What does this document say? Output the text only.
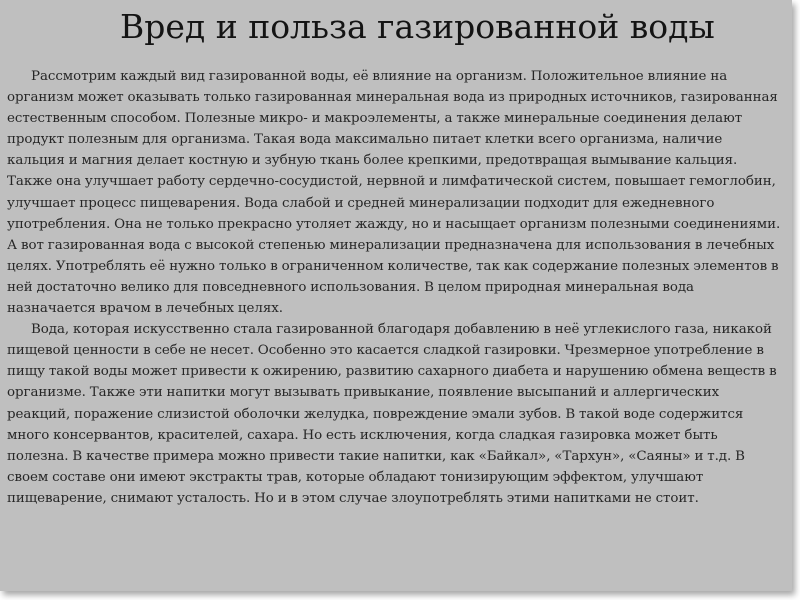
Рассмотрим каждый вид газированной воды, её влияние на организм. Положительное влияние на организм может оказывать только газированная минеральная вода из природных источников, газированная естественным способом. Полезные микро- и макроэлементы, а также минеральные соединения делают продукт полезным для организма. Такая вода максимально питает клетки всего организма, наличие кальция и магния делает костную и зубную ткань более крепкими, предотвращая вымывание кальция. Также она улучшает работу сердечно-сосудистой, нервной и лимфатической систем, повышает гемоглобин, улучшает процесс пищеварения. Вода слабой и средней минерализации подходит для ежедневного употребления. Она не только прекрасно утоляет жажду, но и насыщает организм полезными соединениями. А вот газированная вода с высокой степенью минерализации предназначена для использования в лечебных целях. Употреблять её нужно только в ограниченном количестве, так как содержание полезных элементов в ней достаточно велико для повседневного использования. В целом природная минеральная вода назначается врачом в лечебных целях.

Вода, которая искусственно стала газированной благодаря добавлению в неё углекислого газа, никакой пищевой ценности в себе не несет. Особенно это касается сладкой газировки. Чрезмерное употребление в пищу такой воды может привести к ожирению, развитию сахарного диабета и нарушению обмена веществ в организме. Также эти напитки могут вызывать привыкание, появление высыпаний и аллергических реакций, поражение слизистой оболочки желудка, повреждение эмали зубов. В такой воде содержится много консервантов, красителей, сахара. Но есть исключения, когда сладкая газировка может быть полезна. В качестве примера можно привести такие напитки, как «Байкал», «Тархун», «Саяны» и т.д. В своем составе они имеют экстракты трав, которые обладают тонизирующим эффектом, улучшают пищеварение, снимают усталость. Но и в этом случае злоупотреблять этими напитками не стоит.

Вред и польза газированной воды
